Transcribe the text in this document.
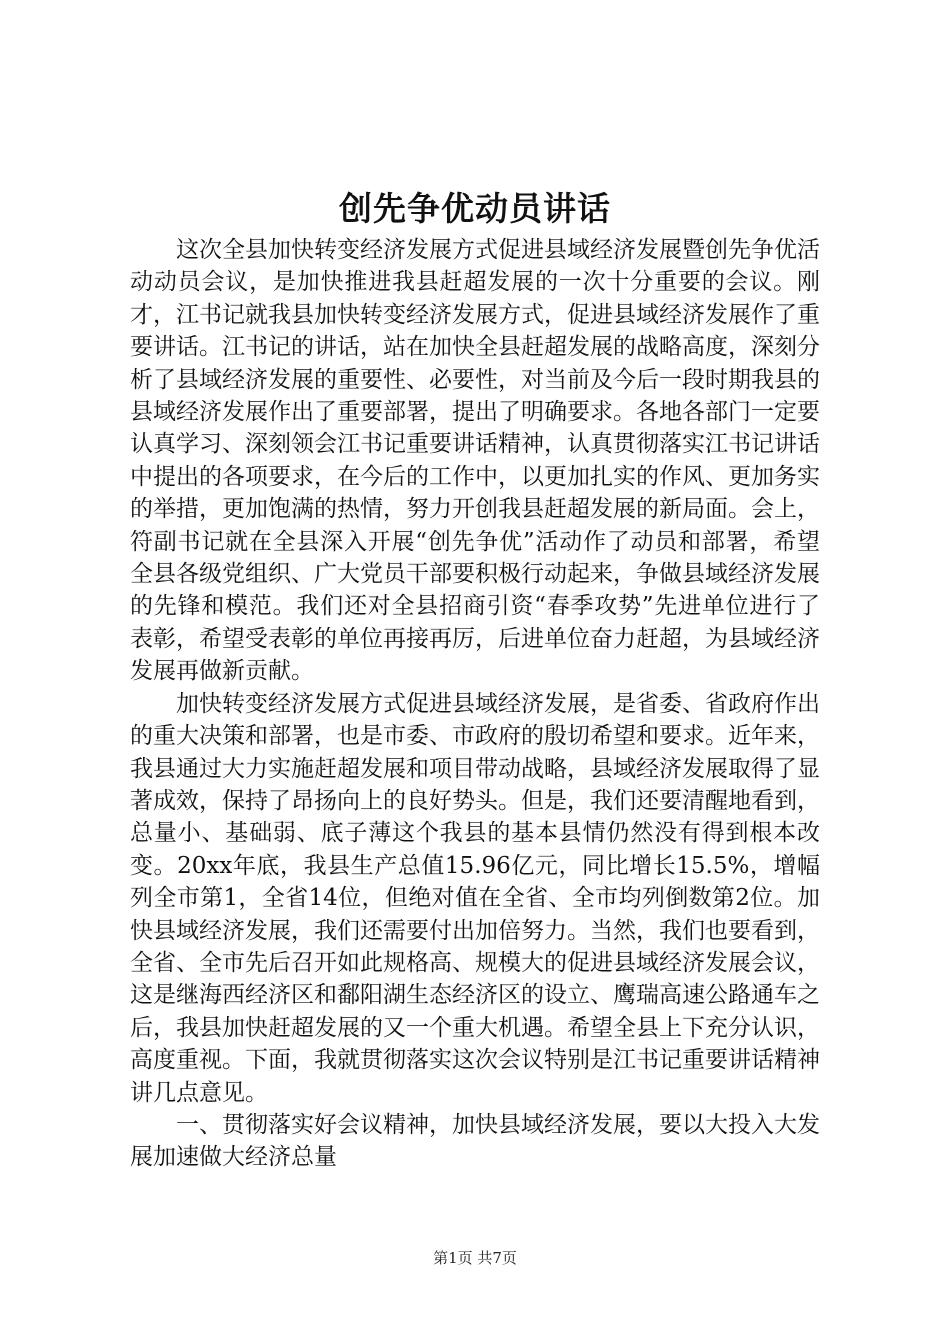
创先争优动员讲话

这次全县加快转变经济发展方式促进县域经济发展暨创先争优活动动员会议，是加快推进我县赶超发展的一次十分重要的会议。刚才，江书记就我县加快转变经济发展方式，促进县域经济发展作了重要讲话。江书记的讲话，站在加快全县赶超发展的战略高度，深刻分析了县域经济发展的重要性、必要性，对当前及今后一段时期我县的县域经济发展作出了重要部署，提出了明确要求。各地各部门一定要认真学习、深刻领会江书记重要讲话精神，认真贯彻落实江书记讲话中提出的各项要求，在今后的工作中，以更加扎实的作风、更加务实的举措，更加饱满的热情，努力开创我县赶超发展的新局面。会上，符副书记就在全县深入开展“创先争优”活动作了动员和部署，希望全县各级党组织、广大党员干部要积极行动起来，争做县域经济发展的先锋和模范。我们还对全县招商引资“春季攻势”先进单位进行了表彰，希望受表彰的单位再接再厉，后进单位奋力赶超，为县域经济发展再做新贡献。

加快转变经济发展方式促进县域经济发展，是省委、省政府作出的重大决策和部署，也是市委、市政府的殷切希望和要求。近年来，我县通过大力实施赶超发展和项目带动战略，县域经济发展取得了显著成效，保持了昂扬向上的良好势头。但是，我们还要清醒地看到，总量小、基础弱、底子薄这个我县的基本县情仍然没有得到根本改变。20xx年底，我县生产总值15.96亿元，同比增长15.5%，增幅列全市第1，全省14位，但绝对值在全省、全市均列倒数第2位。加快县域经济发展，我们还需要付出加倍努力。当然，我们也要看到，全省、全市先后召开如此规格高、规模大的促进县域经济发展会议，这是继海西经济区和鄱阳湖生态经济区的设立、鹰瑞高速公路通车之后，我县加快赶超发展的又一个重大机遇。希望全县上下充分认识，高度重视。下面，我就贯彻落实这次会议特别是江书记重要讲话精神讲几点意见。

一、贯彻落实好会议精神，加快县域经济发展，要以大投入大发展加速做大经济总量

第1页 共7页
